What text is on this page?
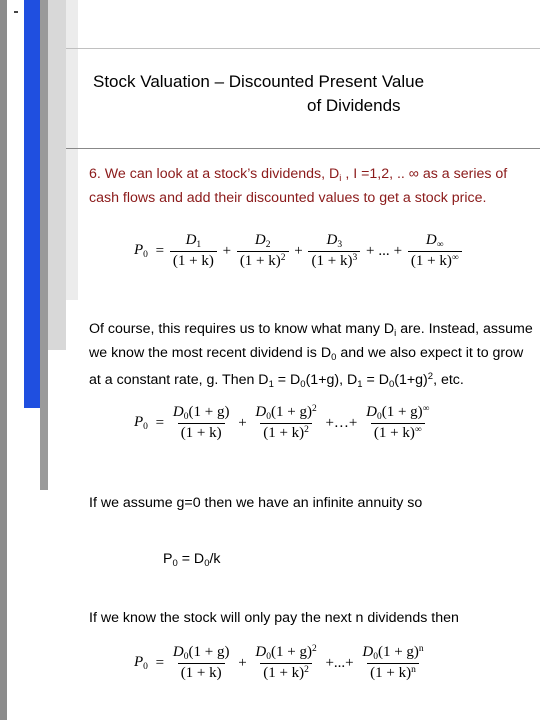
Stock Valuation – Discounted Present Value
of Dividends
6. We can look at a stock’s dividends, $D_i$ , I =1,2, .. ∞ as a series of cash flows and add their discounted values to get a stock price.
$P_0 = \frac{D_1}{(1 + k)} + \frac{D_2}{(1 + k)^2} + \frac{D_3}{(1 + k)^3}$ + ... + $\frac{D_\infty}{(1 + k)^\infty}$
Of course, this requires us to know what many $D_i$ are. Instead, assume we know the most recent dividend is $D_0$ and we also expect it to grow at a constant rate, g. Then $D_1 = D_0(1+g)$, $D_1 = D_0(1+g)^2$, etc.
$P_0 = \frac{D_0(1 + g)}{(1 + k)} + \frac{D_0(1 + g)^2}{(1 + k)^2}$ +…+ $\frac{D_0(1 + g)^\infty}{(1 + k)^\infty}$
If we assume g=0 then we have an infinite annuity so
$P_0 = D_0/k$
If we know the stock will only pay the next n dividends then
$P_0 = \frac{D_0(1 + g)}{(1 + k)} + \frac{D_0(1 + g)^2}{(1 + k)^2}$ +...+ $\frac{D_0(1 + g)^n}{(1 + k)^n}$
